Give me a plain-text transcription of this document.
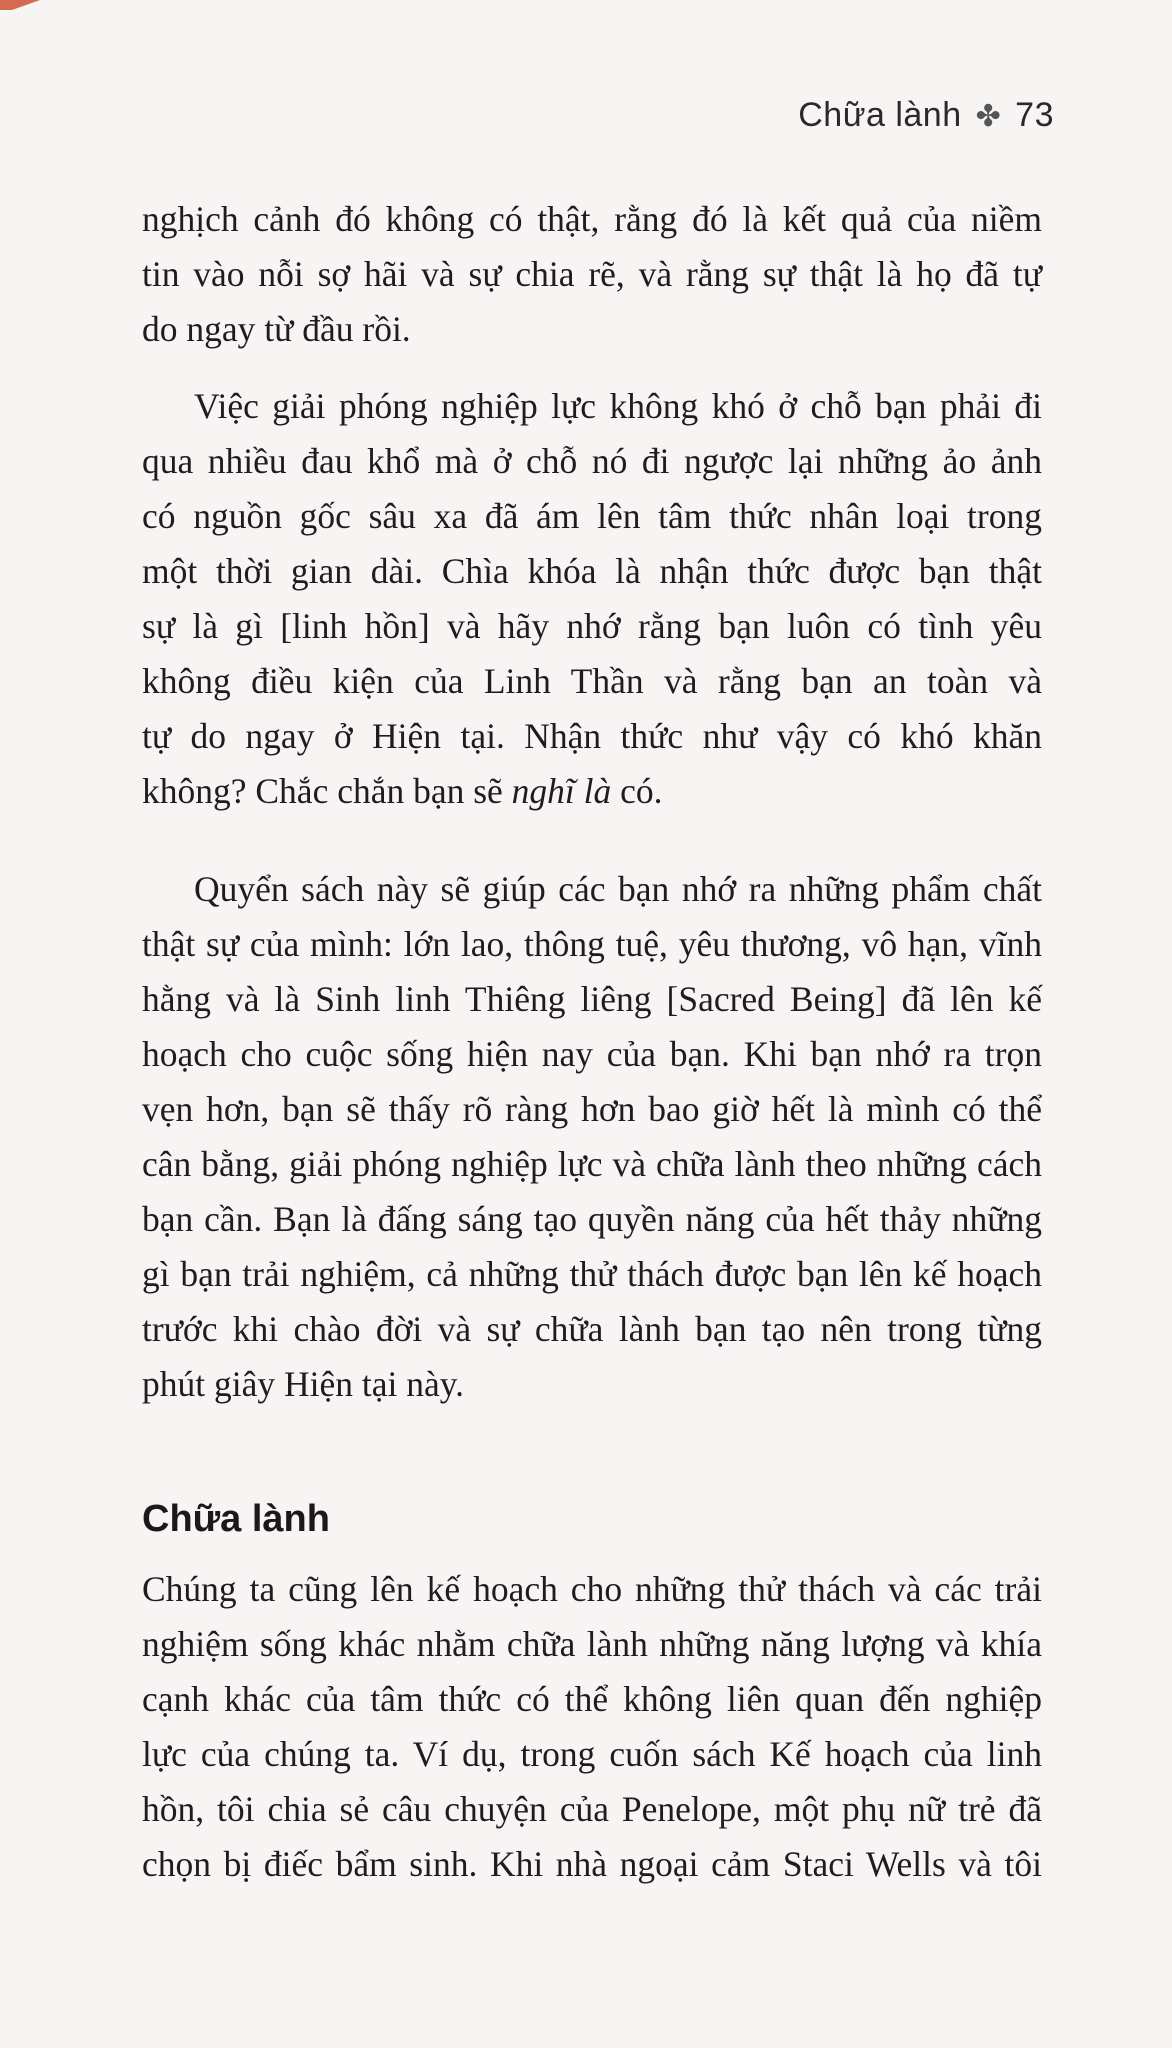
Chữa lành ✤ 73
nghịch cảnh đó không có thật, rằng đó là kết quả của niềm
tin vào nỗi sợ hãi và sự chia rẽ, và rằng sự thật là họ đã tự
do ngay từ đầu rồi.
Việc giải phóng nghiệp lực không khó ở chỗ bạn phải đi
qua nhiều đau khổ mà ở chỗ nó đi ngược lại những ảo ảnh
có nguồn gốc sâu xa đã ám lên tâm thức nhân loại trong
một thời gian dài. Chìa khóa là nhận thức được bạn thật
sự là gì [linh hồn] và hãy nhớ rằng bạn luôn có tình yêu
không điều kiện của Linh Thần và rằng bạn an toàn và
tự do ngay ở Hiện tại. Nhận thức như vậy có khó khăn
không? Chắc chắn bạn sẽ nghĩ là có.
Quyển sách này sẽ giúp các bạn nhớ ra những phẩm chất
thật sự của mình: lớn lao, thông tuệ, yêu thương, vô hạn, vĩnh
hằng và là Sinh linh Thiêng liêng [Sacred Being] đã lên kế
hoạch cho cuộc sống hiện nay của bạn. Khi bạn nhớ ra trọn
vẹn hơn, bạn sẽ thấy rõ ràng hơn bao giờ hết là mình có thể
cân bằng, giải phóng nghiệp lực và chữa lành theo những cách
bạn cần. Bạn là đấng sáng tạo quyền năng của hết thảy những
gì bạn trải nghiệm, cả những thử thách được bạn lên kế hoạch
trước khi chào đời và sự chữa lành bạn tạo nên trong từng
phút giây Hiện tại này.
Chữa lành
Chúng ta cũng lên kế hoạch cho những thử thách và các trải
nghiệm sống khác nhằm chữa lành những năng lượng và khía
cạnh khác của tâm thức có thể không liên quan đến nghiệp
lực của chúng ta. Ví dụ, trong cuốn sách Kế hoạch của linh
hồn, tôi chia sẻ câu chuyện của Penelope, một phụ nữ trẻ đã
chọn bị điếc bẩm sinh. Khi nhà ngoại cảm Staci Wells và tôi
